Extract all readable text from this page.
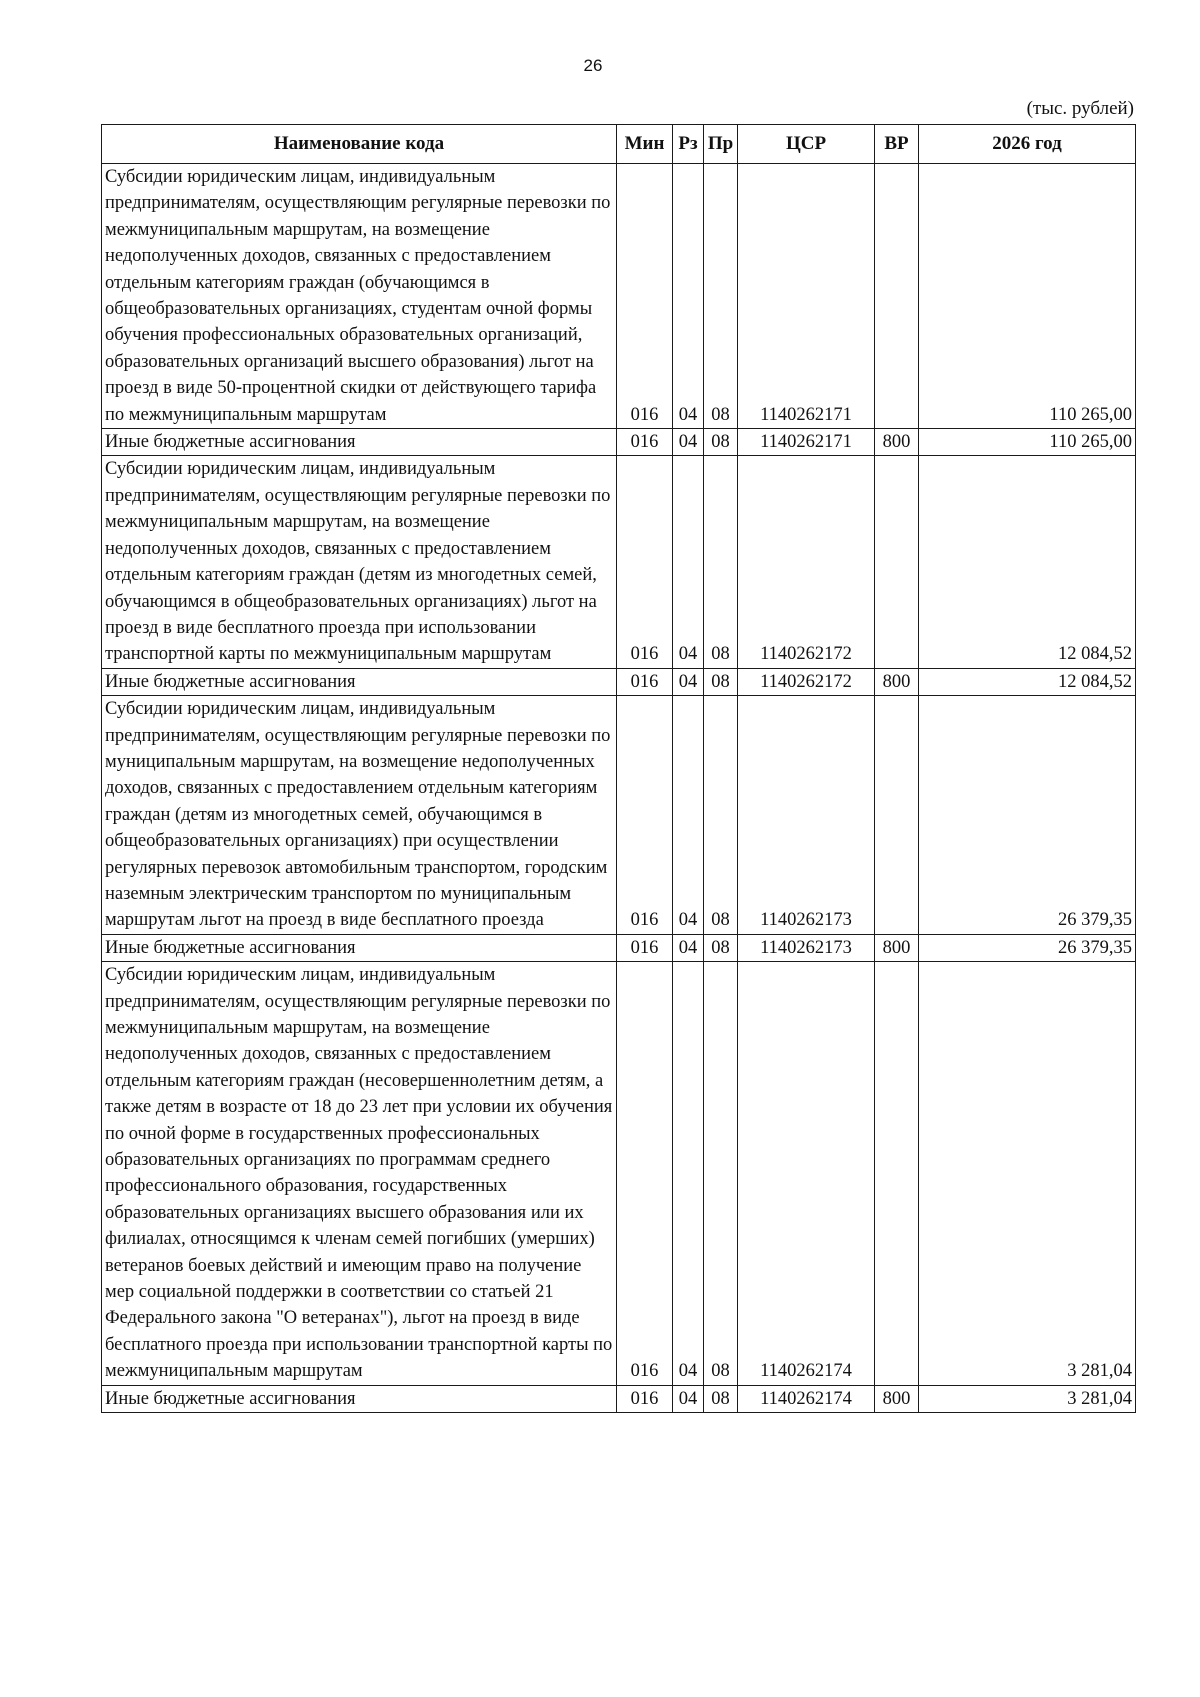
26
(тыс. рублей)
Наименование кода	Мин	Рз	Пр	ЦСР	ВР	2026 год
Субсидии юридическим лицам, индивидуальным предпринимателям, осуществляющим регулярные перевозки по межмуниципальным маршрутам, на возмещение недополученных доходов, связанных с предоставлением отдельным категориям граждан (обучающимся в общеобразовательных организациях, студентам очной формы обучения профессиональных образовательных организаций, образовательных организаций высшего образования) льгот на проезд в виде 50-процентной скидки от действующего тарифа по межмуниципальным маршрутам	016	04	08	1140262171		110 265,00
Иные бюджетные ассигнования	016	04	08	1140262171	800	110 265,00
Субсидии юридическим лицам, индивидуальным предпринимателям, осуществляющим регулярные перевозки по межмуниципальным маршрутам, на возмещение недополученных доходов, связанных с предоставлением отдельным категориям граждан (детям из многодетных семей, обучающимся в общеобразовательных организациях) льгот на проезд в виде бесплатного проезда при использовании транспортной карты по межмуниципальным маршрутам	016	04	08	1140262172		12 084,52
Иные бюджетные ассигнования	016	04	08	1140262172	800	12 084,52
Субсидии юридическим лицам, индивидуальным предпринимателям, осуществляющим регулярные перевозки по муниципальным маршрутам, на возмещение недополученных доходов, связанных с предоставлением отдельным категориям граждан (детям из многодетных семей, обучающимся в общеобразовательных организациях) при осуществлении регулярных перевозок автомобильным транспортом, городским наземным электрическим транспортом по муниципальным маршрутам льгот на проезд в виде бесплатного проезда	016	04	08	1140262173		26 379,35
Иные бюджетные ассигнования	016	04	08	1140262173	800	26 379,35
Субсидии юридическим лицам, индивидуальным предпринимателям, осуществляющим регулярные перевозки по межмуниципальным маршрутам, на возмещение недополученных доходов, связанных с предоставлением отдельным категориям граждан (несовершеннолетним детям, а также детям в возрасте от 18 до 23 лет при условии их обучения по очной форме в государственных профессиональных образовательных организациях по программам среднего профессионального образования, государственных образовательных организациях высшего образования или их филиалах, относящимся к членам семей погибших (умерших) ветеранов боевых действий и имеющим право на получение мер социальной поддержки в соответствии со статьей 21 Федерального закона "О ветеранах"), льгот на проезд в виде бесплатного проезда при использовании транспортной карты по межмуниципальным маршрутам	016	04	08	1140262174		3 281,04
Иные бюджетные ассигнования	016	04	08	1140262174	800	3 281,04
